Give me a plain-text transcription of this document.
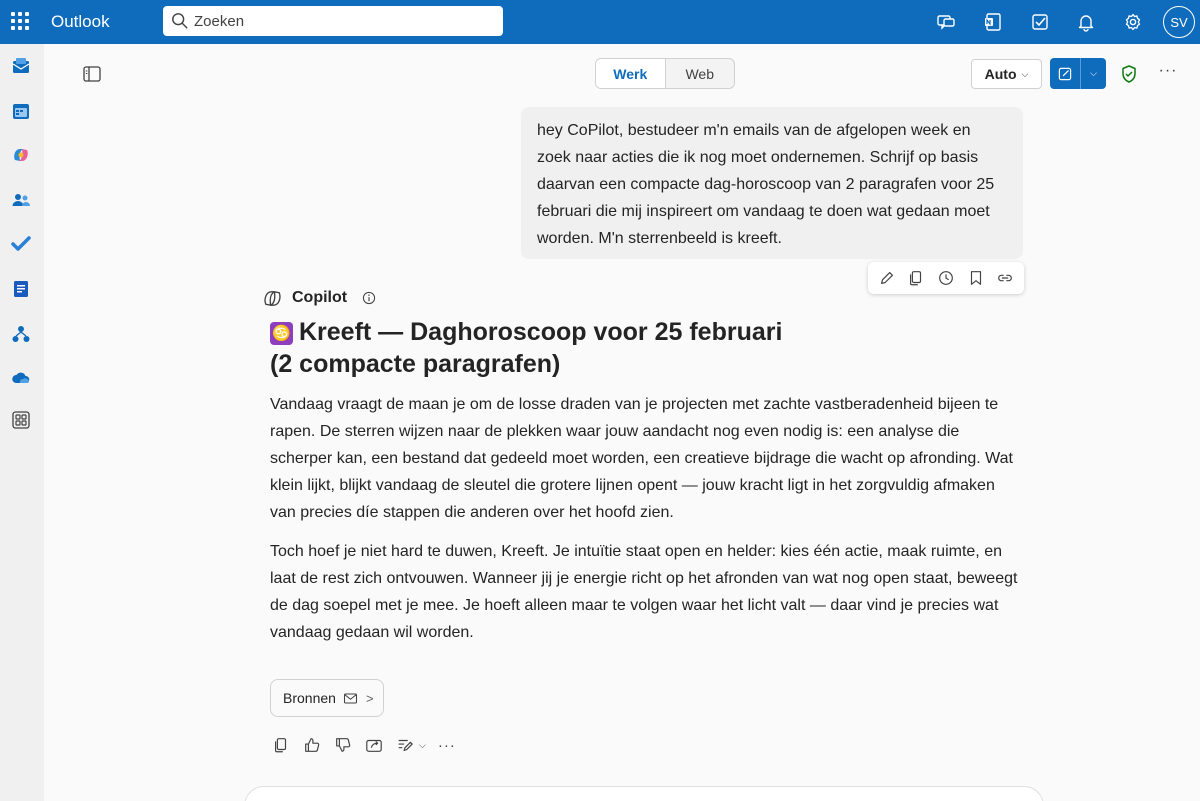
Outlook
Zoeken	SV
Werk	Web	Auto ⌵	⌵	···
hey CoPilot, bestudeer m'n emails van de afgelopen week en zoek naar acties die ik nog moet ondernemen. Schrijf op basis daarvan een compacte dag-horoscoop van 2 paragrafen voor 25 februari die mij inspireert om vandaag te doen wat gedaan moet worden. M'n sterrenbeeld is kreeft.
Copilot
♋ Kreeft — Daghoroscoop voor 25 februari (2 compacte paragrafen)
Vandaag vraagt de maan je om de losse draden van je projecten met zachte vastberadenheid bijeen te rapen. De sterren wijzen naar de plekken waar jouw aandacht nog even nodig is: een analyse die scherper kan, een bestand dat gedeeld moet worden, een creatieve bijdrage die wacht op afronding. Wat klein lijkt, blijkt vandaag de sleutel die grotere lijnen opent — jouw kracht ligt in het zorgvuldig afmaken van precies díe stappen die anderen over het hoofd zien.
Toch hoef je niet hard te duwen, Kreeft. Je intuïtie staat open en helder: kies één actie, maak ruimte, en laat de rest zich ontvouwen. Wanneer jij je energie richt op het afronden van wat nog open staat, beweegt de dag soepel met je mee. Je hoeft alleen maar te volgen waar het licht valt — daar vind je precies wat vandaag gedaan wil worden.
Bronnen >
⌵ ···
